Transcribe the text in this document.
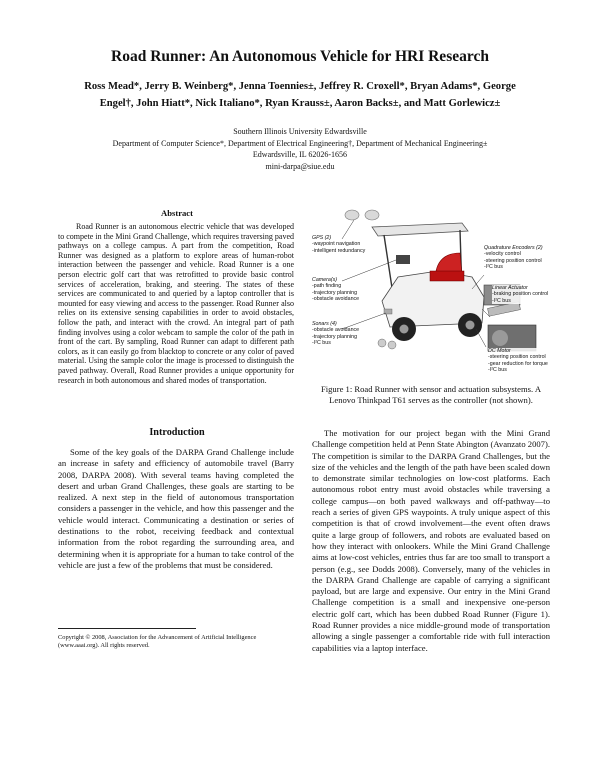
Road Runner: An Autonomous Vehicle for HRI Research
Ross Mead*, Jerry B. Weinberg*, Jenna Toennies±, Jeffrey R. Croxell*, Bryan Adams*, George
Engel†, John Hiatt*, Nick Italiano*, Ryan Krauss±, Aaron Backs±, and Matt Gorlewicz±
Southern Illinois University Edwardsville
Department of Computer Science*, Department of Electrical Engineering†, Department of Mechanical Engineering±
Edwardsville, IL 62026-1656
mini-darpa@siue.edu
Abstract

Road Runner is an autonomous electric vehicle that was developed to compete in the Mini Grand Challenge, which requires traversing paved pathways on a college campus. A part from the competition, Road Runner was designed as a platform to explore areas of human-robot interaction between the passenger and vehicle. Road Runner is a one person electric golf cart that was retrofitted to provide basic control services of acceleration, braking, and steering. The states of these services are communicated to and queried by a laptop controller that is mounted for easy viewing and access to the passenger. Road Runner also relies on its extensive sensing capabilities in order to avoid obstacles, follow the path, and interact with the crowd. An integral part of path finding involves using a color webcam to sample the color of the path in front of the cart. By sampling, Road Runner can adapt to different path colors, as it can easily go from blacktop to concrete or any color of paved material. Using the sample color the image is processed to distinguish the paved pathway. Overall, Road Runner provides a unique opportunity for research in both autonomous and shared modes of transportation.

Introduction

Some of the key goals of the DARPA Grand Challenge include an increase in safety and efficiency of automobile travel (Barry 2008, DARPA 2008). With several teams having completed the desert and urban Grand Challenges, these goals are starting to be realized. A next step in the field of autonomous transportation considers a passenger in the vehicle, and how this passenger and the vehicle would interact. Communicating a destination or series of destinations to the robot, receiving feedback and contextual information from the robot regarding the surrounding area, and determining when it is appropriate for a human to take control of the vehicle are just a few of the problems that must be considered.

Copyright © 2008, Association for the Advancement of Artificial Intelligence (www.aaai.org). All rights reserved.
GPS (2)
-waypoint navigation
-intelligent redundancy
Camera(s)
-path finding
-trajectory planning
-obstacle avoidance
Sonars (4)
-obstacle avoidance
-trajectory planning
-I²C bus
Quadrature Encoders (2)
-velocity control
-steering position control
-I²C bus
Linear Actuator
-braking position control
-I²C bus
DC Motor
-steering position control
-gear reduction for torque
-I²C bus
Figure 1: Road Runner with sensor and actuation subsystems. A Lenovo Thinkpad T61 serves as the controller (not shown).

The motivation for our project began with the Mini Grand Challenge competition held at Penn State Abington (Avanzato 2007). The competition is similar to the DARPA Grand Challenges, but the size of the vehicles and the length of the path have been scaled down to demonstrate similar technologies on low-cost platforms. Each autonomous robot entry must avoid obstacles while traversing a college campus—on both paved walkways and off-pathway—to reach a series of given GPS waypoints. A truly unique aspect of this competition is that of crowd involvement—the event often draws quite a large group of followers, and robots are evaluated based on how they interact with onlookers. While the Mini Grand Challenge aims at low-cost vehicles, entries thus far are too small to transport a person (e.g., see Dodds 2008). Conversely, many of the vehicles in the DARPA Grand Challenge are capable of carrying a significant payload, but are large and expensive. Our entry in the Mini Grand Challenge competition is a small and inexpensive one-person electric golf cart, which has been dubbed Road Runner (Figure 1). Road Runner provides a nice middle-ground mode of transportation allowing a single passenger a comfortable ride with full interaction capabilities via a laptop interface.
